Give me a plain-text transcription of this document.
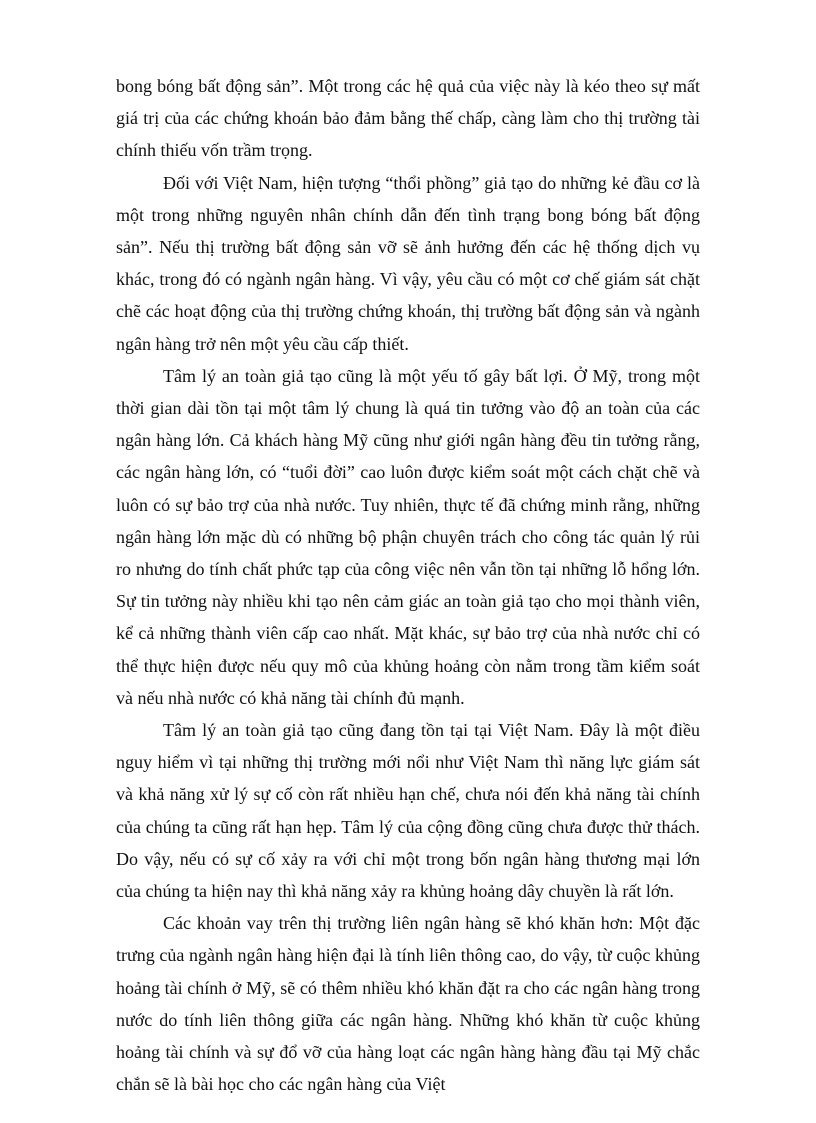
bong bóng bất động sản”. Một trong các hệ quả của việc này là kéo theo sự mất giá trị của các chứng khoán bảo đảm bằng thế chấp, càng làm cho thị trường tài chính thiếu vốn trầm trọng.

Đối với Việt Nam, hiện tượng “thổi phồng” giả tạo do những kẻ đầu cơ là một trong những nguyên nhân chính dẫn đến tình trạng bong bóng bất động sản”. Nếu thị trường bất động sản vỡ sẽ ảnh hưởng đến các hệ thống dịch vụ khác, trong đó có ngành ngân hàng. Vì vậy, yêu cầu có một cơ chế giám sát chặt chẽ các hoạt động của thị trường chứng khoán, thị trường bất động sản và ngành ngân hàng trở nên một yêu cầu cấp thiết.

Tâm lý an toàn giả tạo cũng là một yếu tố gây bất lợi. Ở Mỹ, trong một thời gian dài tồn tại một tâm lý chung là quá tin tưởng vào độ an toàn của các ngân hàng lớn. Cả khách hàng Mỹ cũng như giới ngân hàng đều tin tưởng rằng, các ngân hàng lớn, có “tuổi đời” cao luôn được kiểm soát một cách chặt chẽ và luôn có sự bảo trợ của nhà nước. Tuy nhiên, thực tế đã chứng minh rằng, những ngân hàng lớn mặc dù có những bộ phận chuyên trách cho công tác quản lý rủi ro nhưng do tính chất phức tạp của công việc nên vẫn tồn tại những lỗ hổng lớn. Sự tin tưởng này nhiều khi tạo nên cảm giác an toàn giả tạo cho mọi thành viên, kể cả những thành viên cấp cao nhất. Mặt khác, sự bảo trợ của nhà nước chỉ có thể thực hiện được nếu quy mô của khủng hoảng còn nằm trong tầm kiểm soát và nếu nhà nước có khả năng tài chính đủ mạnh.

Tâm lý an toàn giả tạo cũng đang tồn tại tại Việt Nam. Đây là một điều nguy hiểm vì tại những thị trường mới nổi như Việt Nam thì năng lực giám sát và khả năng xử lý sự cố còn rất nhiều hạn chế, chưa nói đến khả năng tài chính của chúng ta cũng rất hạn hẹp. Tâm lý của cộng đồng cũng chưa được thử thách. Do vậy, nếu có sự cố xảy ra với chỉ một trong bốn ngân hàng thương mại lớn của chúng ta hiện nay thì khả năng xảy ra khủng hoảng dây chuyền là rất lớn.

Các khoản vay trên thị trường liên ngân hàng sẽ khó khăn hơn: Một đặc trưng của ngành ngân hàng hiện đại là tính liên thông cao, do vậy, từ cuộc khủng hoảng tài chính ở Mỹ, sẽ có thêm nhiều khó khăn đặt ra cho các ngân hàng trong nước do tính liên thông giữa các ngân hàng. Những khó khăn từ cuộc khủng hoảng tài chính và sự đổ vỡ của hàng loạt các ngân hàng hàng đầu tại Mỹ chắc chắn sẽ là bài học cho các ngân hàng của Việt
